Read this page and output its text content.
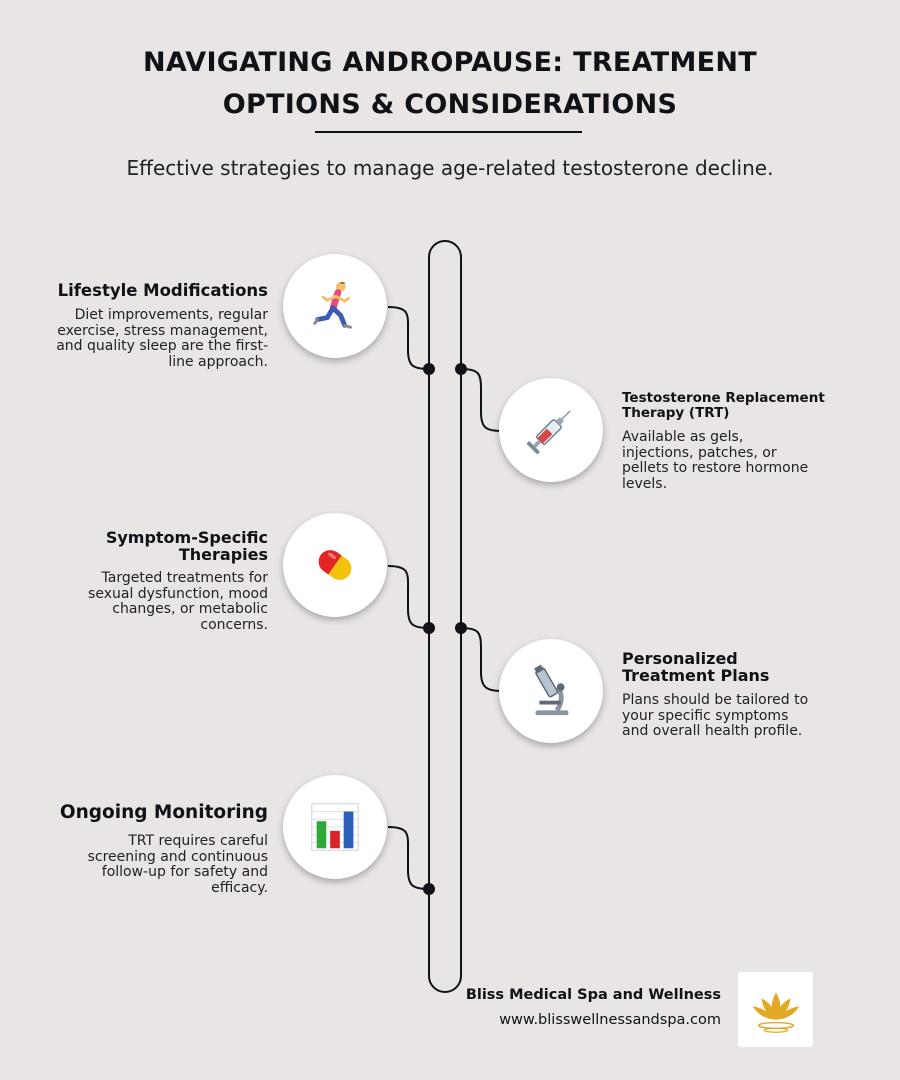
NAVIGATING ANDROPAUSE: TREATMENT
OPTIONS & CONSIDERATIONS
Effective strategies to manage age-related testosterone decline.
Lifestyle Modifications
Diet improvements, regular
exercise, stress management,
and quality sleep are the first-
line approach.
Testosterone Replacement
Therapy (TRT)
Available as gels,
injections, patches, or
pellets to restore hormone
levels.
Symptom-Specific
Therapies
Targeted treatments for
sexual dysfunction, mood
changes, or metabolic
concerns.
Personalized
Treatment Plans
Plans should be tailored to
your specific symptoms
and overall health profile.
Ongoing Monitoring
TRT requires careful
screening and continuous
follow-up for safety and
efficacy.
Bliss Medical Spa and Wellness
www.blisswellnessandspa.com
